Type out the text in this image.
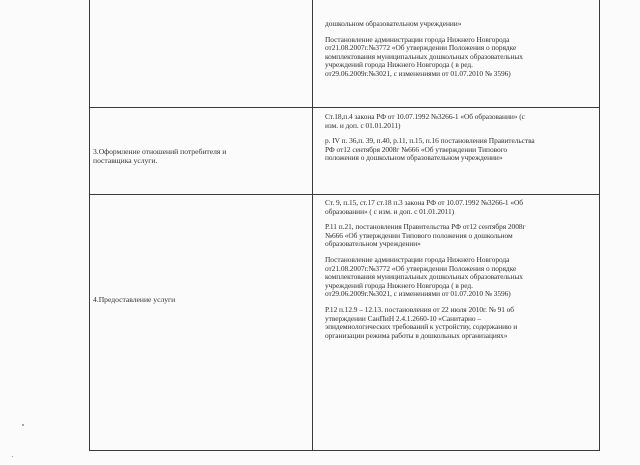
дошкольном образовательном учреждении»

Постановление администрации города Нижнего Новгорода
от21.08.2007г.№3772 «Об утверждении Положения о порядке
комплектования муниципальных дошкольных образовательных
учреждений города Нижнего Новгорода ( в ред.
от29.06.2009г.№3021, с изменениями от 01.07.2010 № 3596)

3.Оформление отношений потребителя и
поставщика услуги.

Ст.18,п.4 закона РФ от 10.07.1992 №3266-1 «Об образовании» (с
изм. и доп. с 01.01.2011)

р. IV п. 36,п. 39, п.40, р.11, п.15, п.16 постановления Правительства
РФ от12 сентября 2008г №666 «Об утверждении Типового
положения о дошкольном образовательном учреждении»

4.Предоставление услуги

Ст. 9, п.15, ст.17 ст.18 п.3 закона РФ от 10.07.1992 №3266-1 «Об
образовании» ( с изм. и доп. с 01.01.2011)

Р.11 п.21, постановления Правительства РФ от12 сентября 2008г
№666 «Об утверждении Типового положения о дошкольном
образовательном учреждении»

Постановление администрации города Нижнего Новгорода
от21.08.2007г.№3772 «Об утверждении Положения о порядке
комплектования муниципальных дошкольных образовательных
учреждений города Нижнего Новгорода ( в ред.
от29.06.2009г.№3021, с изменениями от 01.07.2010 № 3596)

Р.12 п.12.9 – 12.13. постановления от 22 июля 2010г. № 91 об
утверждении СанПиН 2.4.1.2660-10 «Санитарно –
эпидемиологических требований к устройству, содержанию и
организации режима работы в дошкольных организациях»
